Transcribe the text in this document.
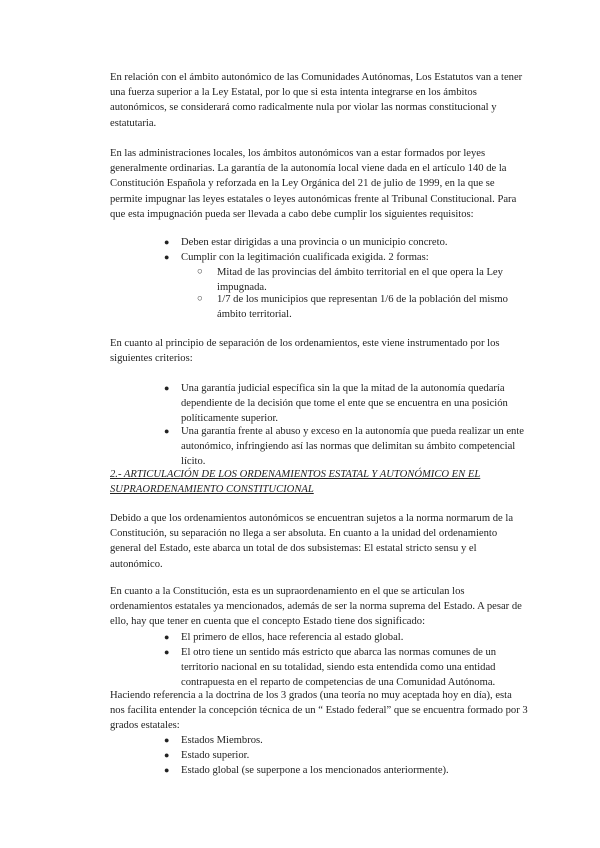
En relación con el ámbito autonómico de las Comunidades Autónomas, Los Estatutos van a tener una fuerza superior a la Ley Estatal, por lo que si esta intenta integrarse en los ámbitos autonómicos, se considerará como radicalmente nula por violar las normas constitucional y estatutaria.

En las administraciones locales, los ámbitos autonómicos van a estar formados por leyes generalmente ordinarias. La garantía de la autonomía local viene dada en el artículo 140 de la Constitución Española y reforzada en la Ley Orgánica del 21 de julio de 1999, en la que se permite impugnar las leyes estatales o leyes autonómicas frente al Tribunal Constitucional. Para que esta impugnación pueda ser llevada a cabo debe cumplir los siguientes requisitos:

● Deben estar dirigidas a una provincia o un municipio concreto.
● Cumplir con la legitimación cualificada exigida. 2 formas:
○ Mitad de las provincias del ámbito territorial en el que opera la Ley impugnada.
○ 1/7 de los municipios que representan 1/6 de la población del mismo ámbito territorial.

En cuanto al principio de separación de los ordenamientos, este viene instrumentado por los siguientes criterios:

● Una garantía judicial específica sin la que la mitad de la autonomía quedaría dependiente de la decisión que tome el ente que se encuentra en una posición políticamente superior.
● Una garantía frente al abuso y exceso en la autonomía que pueda realizar un ente autonómico, infringiendo así las normas que delimitan su ámbito competencial lícito.

2.- ARTICULACIÓN DE LOS ORDENAMIENTOS ESTATAL Y AUTONÓMICO EN EL SUPRAORDENAMIENTO CONSTITUCIONAL

Debido a que los ordenamientos autonómicos se encuentran sujetos a la norma normarum de la Constitución, su separación no llega a ser absoluta. En cuanto a la unidad del ordenamiento general del Estado, este abarca un total de dos subsistemas: El estatal stricto sensu y el autonómico.

En cuanto a la Constitución, esta es un supraordenamiento en el que se articulan los ordenamientos estatales ya mencionados, además de ser la norma suprema del Estado. A pesar de ello, hay que tener en cuenta que el concepto Estado tiene dos significado:

● El primero de ellos, hace referencia al estado global.
● El otro tiene un sentido más estricto que abarca las normas comunes de un territorio nacional en su totalidad, siendo esta entendida como una entidad contrapuesta en el reparto de competencias de una Comunidad Autónoma.

Haciendo referencia a la doctrina de los 3 grados (una teoría no muy aceptada hoy en día), esta nos facilita entender la concepción técnica de un “ Estado federal” que se encuentra formado por 3 grados estatales:

● Estados Miembros.
● Estado superior.
● Estado global (se superpone a los mencionados anteriormente).
